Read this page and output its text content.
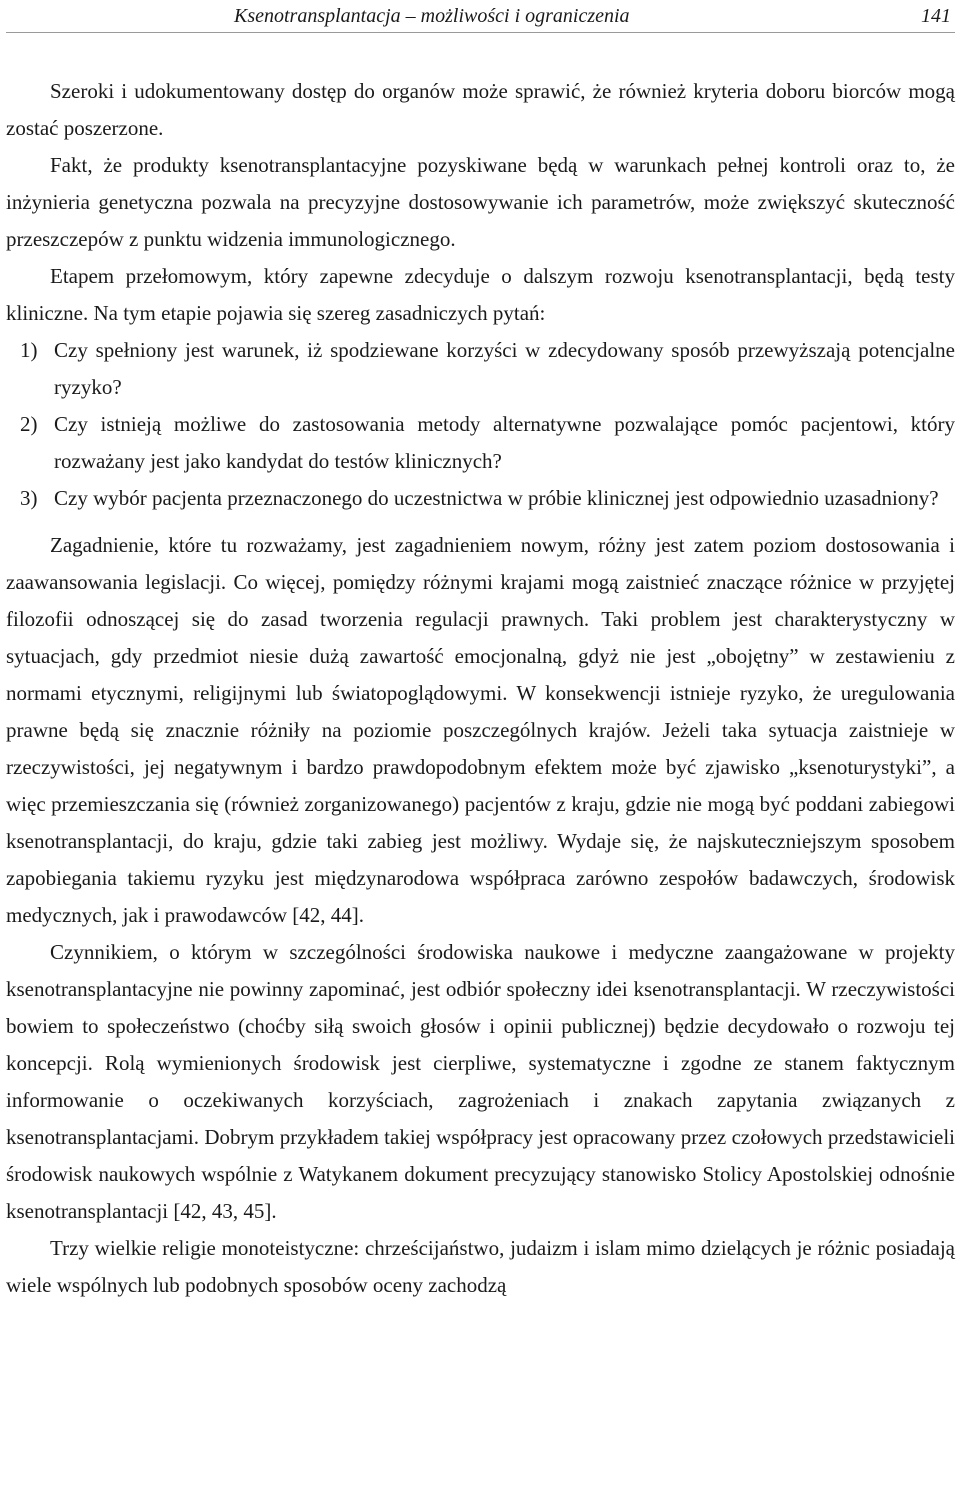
Ksenotransplantacja – możliwości i ograniczenia	141

Szeroki i udokumentowany dostęp do organów może sprawić, że również kryteria doboru biorców mogą zostać poszerzone.

Fakt, że produkty ksenotransplantacyjne pozyskiwane będą w warunkach pełnej kontroli oraz to, że inżynieria genetyczna pozwala na precyzyjne dostosowywanie ich parametrów, może zwiększyć skuteczność przeszczepów z punktu widzenia immunologicznego.

Etapem przełomowym, który zapewne zdecyduje o dalszym rozwoju ksenotransplantacji, będą testy kliniczne. Na tym etapie pojawia się szereg zasadniczych pytań:

1) Czy spełniony jest warunek, iż spodziewane korzyści w zdecydowany sposób przewyższają potencjalne ryzyko?
2) Czy istnieją możliwe do zastosowania metody alternatywne pozwalające pomóc pacjentowi, który rozważany jest jako kandydat do testów klinicznych?
3) Czy wybór pacjenta przeznaczonego do uczestnictwa w próbie klinicznej jest odpowiednio uzasadniony?

Zagadnienie, które tu rozważamy, jest zagadnieniem nowym, różny jest zatem poziom dostosowania i zaawansowania legislacji. Co więcej, pomiędzy różnymi krajami mogą zaistnieć znaczące różnice w przyjętej filozofii odnoszącej się do zasad tworzenia regulacji prawnych. Taki problem jest charakterystyczny w sytuacjach, gdy przedmiot niesie dużą zawartość emocjonalną, gdyż nie jest „obojętny” w zestawieniu z normami etycznymi, religijnymi lub światopoglądowymi. W konsekwencji istnieje ryzyko, że uregulowania prawne będą się znacznie różniły na poziomie poszczególnych krajów. Jeżeli taka sytuacja zaistnieje w rzeczywistości, jej negatywnym i bardzo prawdopodobnym efektem może być zjawisko „ksenoturystyki”, a więc przemieszczania się (również zorganizowanego) pacjentów z kraju, gdzie nie mogą być poddani zabiegowi ksenotransplantacji, do kraju, gdzie taki zabieg jest możliwy. Wydaje się, że najskuteczniejszym sposobem zapobiegania takiemu ryzyku jest międzynarodowa współpraca zarówno zespołów badawczych, środowisk medycznych, jak i prawodawców [42, 44].

Czynnikiem, o którym w szczególności środowiska naukowe i medyczne zaangażowane w projekty ksenotransplantacyjne nie powinny zapominać, jest odbiór społeczny idei ksenotransplantacji. W rzeczywistości bowiem to społeczeństwo (choćby siłą swoich głosów i opinii publicznej) będzie decydowało o rozwoju tej koncepcji. Rolą wymienionych środowisk jest cierpliwe, systematyczne i zgodne ze stanem faktycznym informowanie o oczekiwanych korzyściach, zagrożeniach i znakach zapytania związanych z ksenotransplantacjami. Dobrym przykładem takiej współpracy jest opracowany przez czołowych przedstawicieli środowisk naukowych wspólnie z Watykanem dokument precyzujący stanowisko Stolicy Apostolskiej odnośnie ksenotransplantacji [42, 43, 45].

Trzy wielkie religie monoteistyczne: chrześcijaństwo, judaizm i islam mimo dzielących je różnic posiadają wiele wspólnych lub podobnych sposobów oceny zachodzą
